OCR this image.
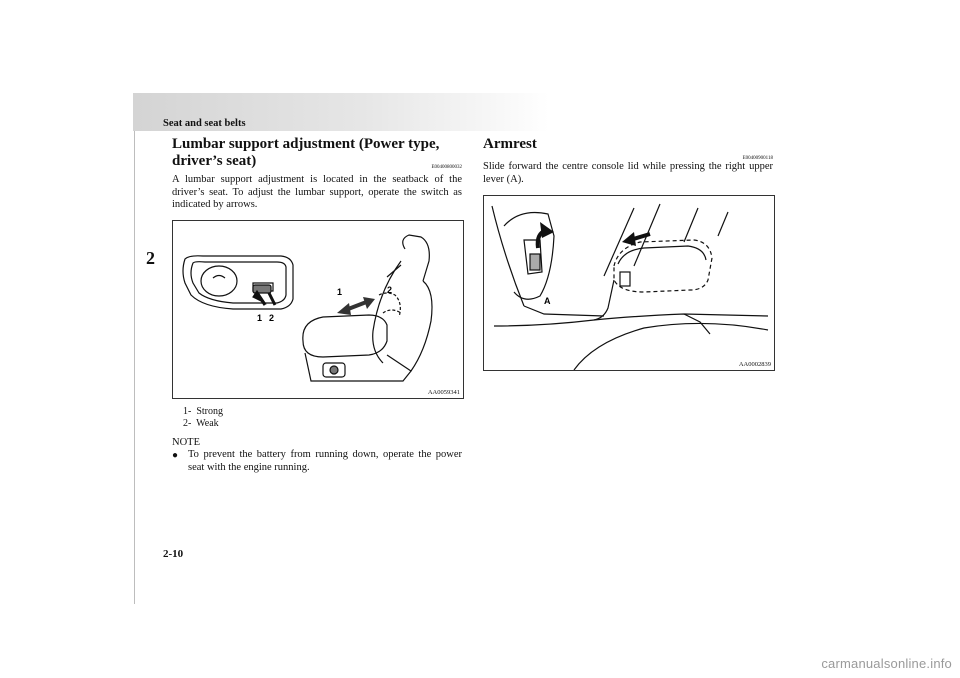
Seat and seat belts
2
Lumbar support adjustment (Power type, driver’s seat)	E00400800032

A lumbar support adjustment is located in the seatback of the driver’s seat. To adjust the lumbar support, operate the switch as indicated by arrows.

1 2
1	2
AA0059341
1- Strong
2- Weak
NOTE
● To prevent the battery from running down, operate the power seat with the engine running.

Armrest
E00400900118

Slide forward the centre console lid while pressing the right upper lever (A).

A
AA0002839
2-10
carmanualsonline.info
